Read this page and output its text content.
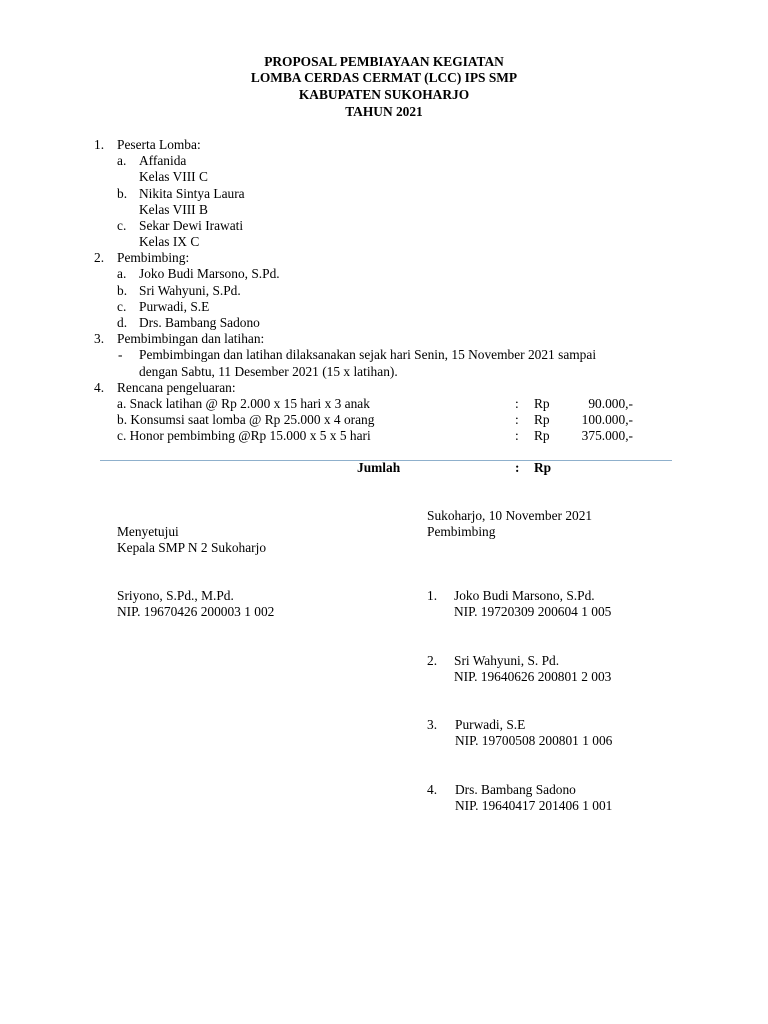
PROPOSAL PEMBIAYAAN KEGIATAN
LOMBA CERDAS CERMAT (LCC) IPS SMP
KABUPATEN SUKOHARJO
TAHUN 2021
1. Peserta Lomba:
a. Affanida
Kelas VIII C
b. Nikita Sintya Laura
Kelas VIII B
c. Sekar Dewi Irawati
Kelas IX C
2. Pembimbing:
a. Joko Budi Marsono, S.Pd.
b. Sri Wahyuni, S.Pd.
c. Purwadi, S.E
d. Drs. Bambang Sadono
3. Pembimbingan dan latihan:
- Pembimbingan dan latihan dilaksanakan sejak hari Senin, 15 November 2021 sampai
dengan Sabtu, 11 Desember 2021 (15 x latihan).
4. Rencana pengeluaran:
a. Snack latihan @ Rp 2.000 x 15 hari x 3 anak	: Rp	90.000,-
b. Konsumsi saat lomba @ Rp 25.000 x 4 orang	: Rp	100.000,-
c. Honor pembimbing @Rp 15.000 x 5 x 5 hari	: Rp	375.000,-
Jumlah	: Rp
Menyetujui
Kepala SMP N 2 Sukoharjo
Sriyono, S.Pd., M.Pd.
NIP. 19670426 200003 1 002
Sukoharjo, 10 November 2021
Pembimbing
1. Joko Budi Marsono, S.Pd.
NIP. 19720309 200604 1 005
2. Sri Wahyuni, S. Pd.
NIP. 19640626 200801 2 003
3. Purwadi, S.E
NIP. 19700508 200801 1 006
4. Drs. Bambang Sadono
NIP. 19640417 201406 1 001
